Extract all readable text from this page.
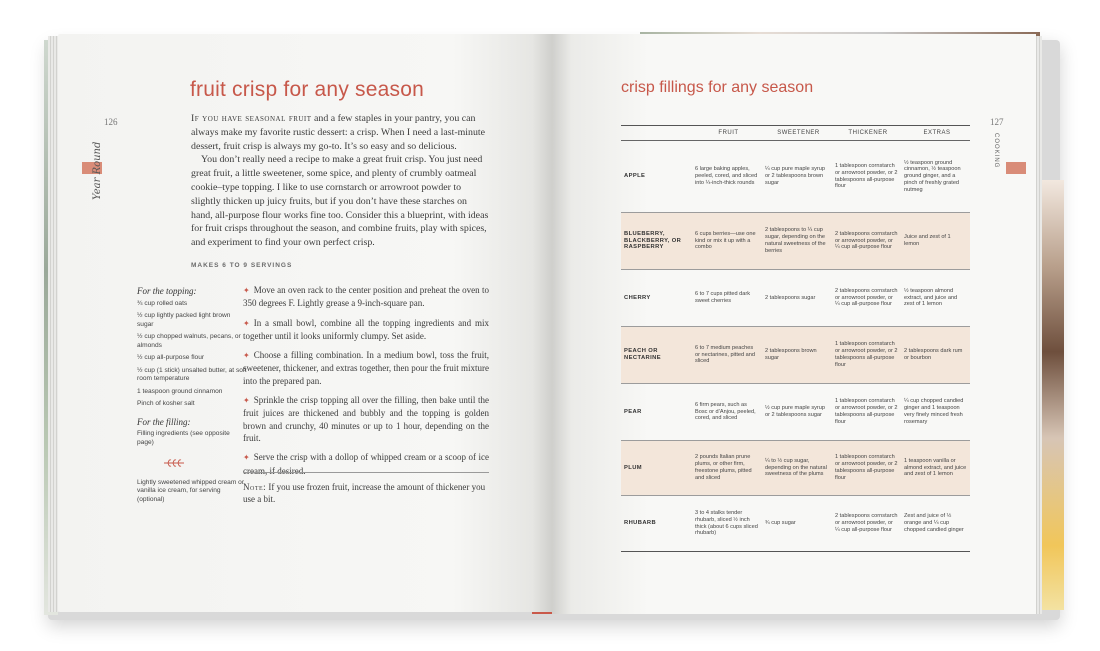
126
Year Round
fruit crisp for any season

If you have seasonal fruit and a few staples in your pantry, you can always make my favorite rustic dessert: a crisp. When I need a last-minute dessert, fruit crisp is always my go-to. It’s so easy and so delicious.

You don’t really need a recipe to make a great fruit crisp. You just need great fruit, a little sweetener, some spice, and plenty of crumbly oatmeal cookie–type topping. I like to use cornstarch or arrowroot powder to slightly thicken up juicy fruits, but if you don’t have these starches on hand, all-purpose flour works fine too. Consider this a blueprint, with ideas for fruit crisps throughout the season, and combine fruits, play with spices, and experiment to find your own perfect crisp.

MAKES 6 TO 9 SERVINGS
For the topping:
¾ cup rolled oats
½ cup lightly packed light brown sugar
½ cup chopped walnuts, pecans, or almonds
½ cup all-purpose flour
½ cup (1 stick) unsalted butter, at soft room temperature
1 teaspoon ground cinnamon
Pinch of kosher salt
For the filling:
Filling ingredients (see opposite page)
Lightly sweetened whipped cream or vanilla ice cream, for serving (optional)
✦ Move an oven rack to the center position and preheat the oven to 350 degrees F. Lightly grease a 9-inch-square pan.
✦ In a small bowl, combine all the topping ingredients and mix together until it looks uniformly clumpy. Set aside.
✦ Choose a filling combination. In a medium bowl, toss the fruit, sweetener, thickener, and extras together, then pour the fruit mixture into the prepared pan.
✦ Sprinkle the crisp topping all over the filling, then bake until the fruit juices are thickened and bubbly and the topping is golden brown and crunchy, 40 minutes or up to 1 hour, depending on the fruit.
✦ Serve the crisp with a dollop of whipped cream or a scoop of ice cream, if desired.
Note: If you use frozen fruit, increase the amount of thickener you use a bit.
127
COOKING
crisp fillings for any season
	FRUIT	SWEETENER	THICKENER	EXTRAS
APPLE	6 large baking apples, peeled, cored, and sliced into ¼-inch-thick rounds	¼ cup pure maple syrup or 2 tablespoons brown sugar	1 tablespoon cornstarch or arrowroot powder, or 2 tablespoons all-purpose flour	½ teaspoon ground cinnamon, ½ teaspoon ground ginger, and a pinch of freshly grated nutmeg
BLUEBERRY, BLACKBERRY, OR RASPBERRY	6 cups berries—use one kind or mix it up with a combo	2 tablespoons to ¼ cup sugar, depending on the natural sweetness of the berries	2 tablespoons cornstarch or arrowroot powder, or ¼ cup all-purpose flour	Juice and zest of 1 lemon
CHERRY	6 to 7 cups pitted dark sweet cherries	2 tablespoons sugar	2 tablespoons cornstarch or arrowroot powder, or ¼ cup all-purpose flour	½ teaspoon almond extract, and juice and zest of 1 lemon
PEACH OR NECTARINE	6 to 7 medium peaches or nectarines, pitted and sliced	2 tablespoons brown sugar	1 tablespoon cornstarch or arrowroot powder, or 2 tablespoons all-purpose flour	2 tablespoons dark rum or bourbon
PEAR	6 firm pears, such as Bosc or d’Anjou, peeled, cored, and sliced	½ cup pure maple syrup or 2 tablespoons sugar	1 tablespoon cornstarch or arrowroot powder, or 2 tablespoons all-purpose flour	¼ cup chopped candied ginger and 1 teaspoon very finely minced fresh rosemary
PLUM	2 pounds Italian prune plums, or other firm, freestone plums, pitted and sliced	¼ to ½ cup sugar, depending on the natural sweetness of the plums	1 tablespoon cornstarch or arrowroot powder, or 2 tablespoons all-purpose flour	1 teaspoon vanilla or almond extract, and juice and zest of 1 lemon
RHUBARB	3 to 4 stalks tender rhubarb, sliced ½ inch thick (about 6 cups sliced rhubarb)	¾ cup sugar	2 tablespoons cornstarch or arrowroot powder, or ¼ cup all-purpose flour	Zest and juice of ½ orange and ¼ cup chopped candied ginger
